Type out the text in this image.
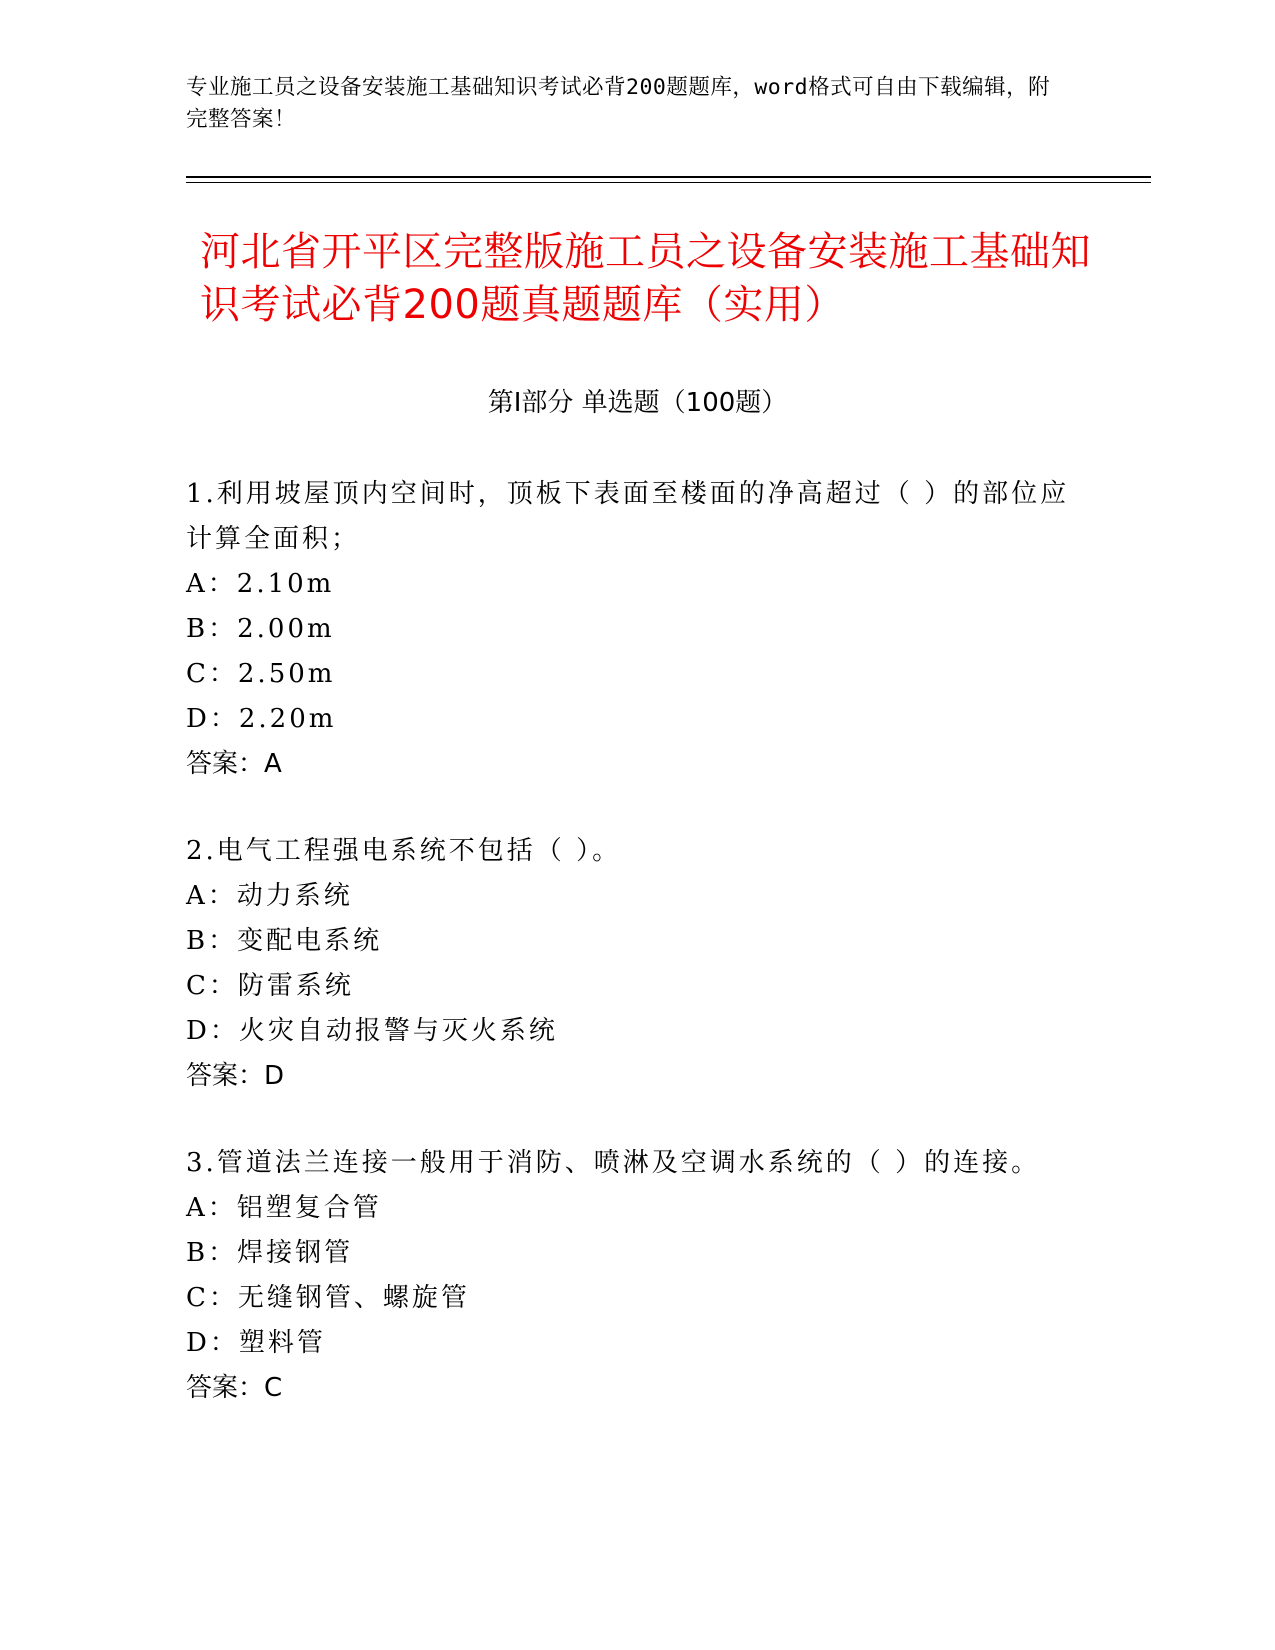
专业施工员之设备安装施工基础知识考试必背200题题库，word格式可自由下载编辑，附完整答案！
河北省开平区完整版施工员之设备安装施工基础知识考试必背200题真题题库（实用）
第I部分 单选题（100题）
1.利用坡屋顶内空间时，顶板下表面至楼面的净高超过（ ）的部位应计算全面积；
A：2.10m
B：2.00m
C：2.50m
D：2.20m
答案：A
2.电气工程强电系统不包括（ ）。
A：动力系统
B：变配电系统
C：防雷系统
D：火灾自动报警与灭火系统
答案：D
3.管道法兰连接一般用于消防、喷淋及空调水系统的（ ）的连接。
A：铝塑复合管
B：焊接钢管
C：无缝钢管、螺旋管
D：塑料管
答案：C
